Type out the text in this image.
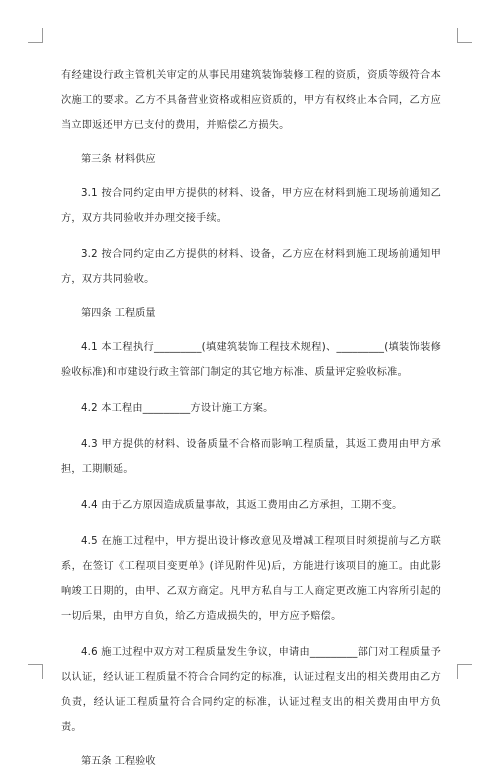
有经建设行政主管机关审定的从事民用建筑装饰装修工程的资质，资质等级符合本次施工的要求。乙方不具备营业资格或相应资质的，甲方有权终止本合同，乙方应当立即返还甲方已支付的费用，并赔偿乙方损失。

第三条 材料供应

3.1 按合同约定由甲方提供的材料、设备，甲方应在材料到施工现场前通知乙方，双方共同验收并办理交接手续。

3.2 按合同约定由乙方提供的材料、设备，乙方应在材料到施工现场前通知甲方，双方共同验收。

第四条 工程质量

4.1 本工程执行_________(填建筑装饰工程技术规程)、_________(填装饰装修验收标准)和市建设行政主管部门制定的其它地方标准、质量评定验收标准。

4.2 本工程由_________方设计施工方案。

4.3 甲方提供的材料、设备质量不合格而影响工程质量，其返工费用由甲方承担，工期顺延。

4.4 由于乙方原因造成质量事故，其返工费用由乙方承担，工期不变。

4.5 在施工过程中，甲方提出设计修改意见及增减工程项目时须提前与乙方联系，在签订《工程项目变更单》(详见附件见)后，方能进行该项目的施工。由此影响竣工日期的，由甲、乙双方商定。凡甲方私自与工人商定更改施工内容所引起的一切后果，由甲方自负，给乙方造成损失的，甲方应予赔偿。

4.6 施工过程中双方对工程质量发生争议，申请由_________部门对工程质量予以认证，经认证工程质量不符合合同约定的标准，认证过程支出的相关费用由乙方负责，经认证工程质量符合合同约定的标准，认证过程支出的相关费用由甲方负责。

第五条 工程验收
